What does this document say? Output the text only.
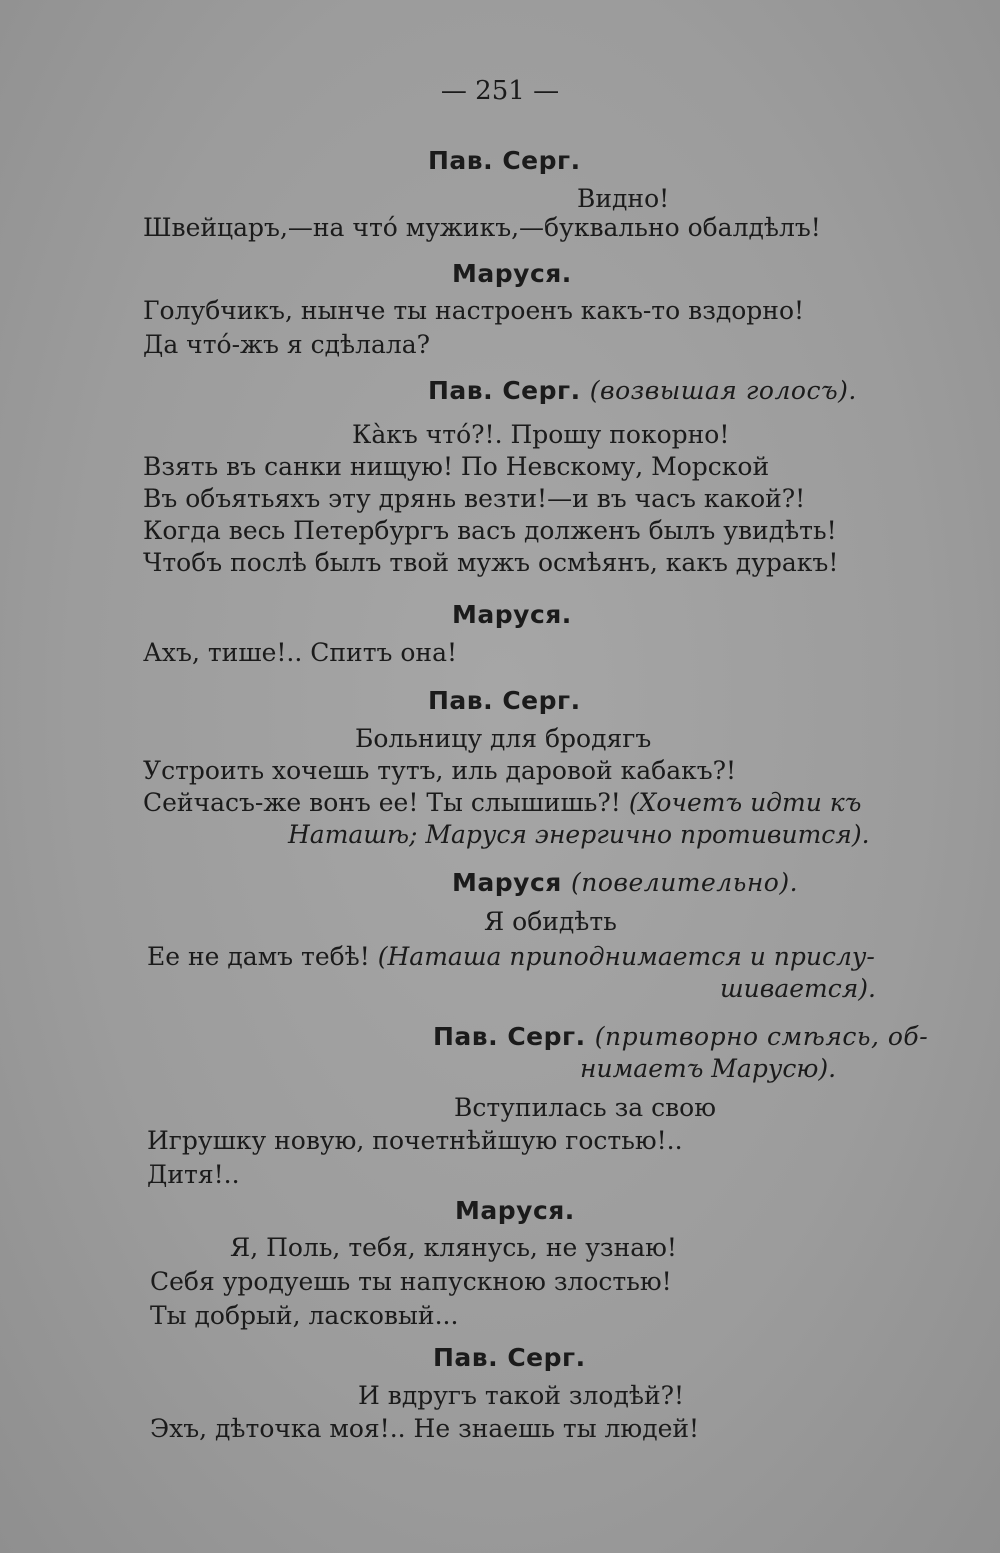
— 251 —
Пав. Серг.
Видно!
Швейцаръ,—на что́ мужикъ,—буквально обалдѣлъ!
Маруся.
Голубчикъ, нынче ты настроенъ какъ-то вздорно!
Да что́-жъ я сдѣлала?
Пав. Серг. (возвышая голосъ).
Ка̀къ что́?!. Прошу покорно!
Взять въ санки нищую! По Невскому, Морской
Въ объятьяхъ эту дрянь везти!—и въ часъ какой?!
Когда весь Петербургъ васъ долженъ былъ увидѣть!
Чтобъ послѣ былъ твой мужъ осмѣянъ, какъ дуракъ!
Маруся.
Ахъ, тише!.. Спитъ она!
Пав. Серг.
Больницу для бродягъ
Устроить хочешь тутъ, иль даровой кабакъ?!
Сейчасъ-же вонъ ее! Ты слышишь?! (Хочетъ идти къ
Наташѣ; Маруся энергично противится).
Маруся (повелительно).
Я обидѣть
Ее не дамъ тебѣ! (Наташа приподнимается и прислу-
шивается).
Пав. Серг. (притворно смѣясь, об-
нимаетъ Марусю).
Вступилась за свою
Игрушку новую, почетнѣйшую гостью!..
Дитя!..
Маруся.
Я, Поль, тебя, клянусь, не узнаю!
Себя уродуешь ты напускною злостью!
Ты добрый, ласковый...
Пав. Серг.
И вдругъ такой злодѣй?!
Эхъ, дѣточка моя!.. Не знаешь ты людей!
